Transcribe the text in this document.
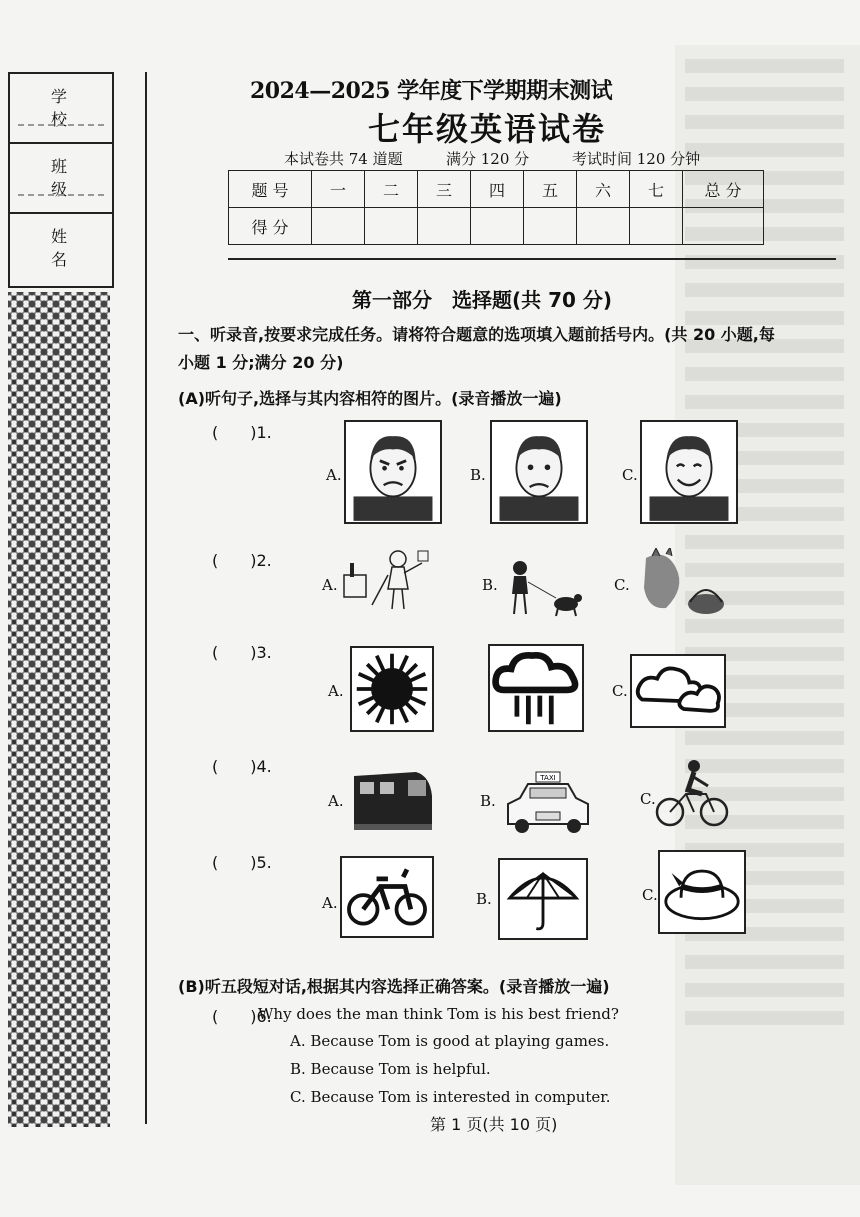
学 校
班 级
姓 名
2024—2025 学年度下学期期末测试
七年级英语试卷
本试卷共 74 道题	满分 120 分	考试时间 120 分钟
题 号	一	二	三	四	五	六	七	总 分
得 分								
第一部分　选择题(共 70 分)
一、听录音,按要求完成任务。请将符合题意的选项填入题前括号内。(共 20 小题,每
小题 1 分;满分 20 分)
(A)听句子,选择与其内容相符的图片。(录音播放一遍)
(　　)1.
A.	B.	C.
(　　)2.
A.	B.	C.
(　　)3.
A.	C.
(　　)4.
A.	B.
TAXI
C.
(　　)5.
A.	B.	C.
(B)听五段短对话,根据其内容选择正确答案。(录音播放一遍)
(　　)6.
Why does the man think Tom is his best friend?
A. Because Tom is good at playing games.
B. Because Tom is helpful.
C. Because Tom is interested in computer.
第 1 页(共 10 页)
